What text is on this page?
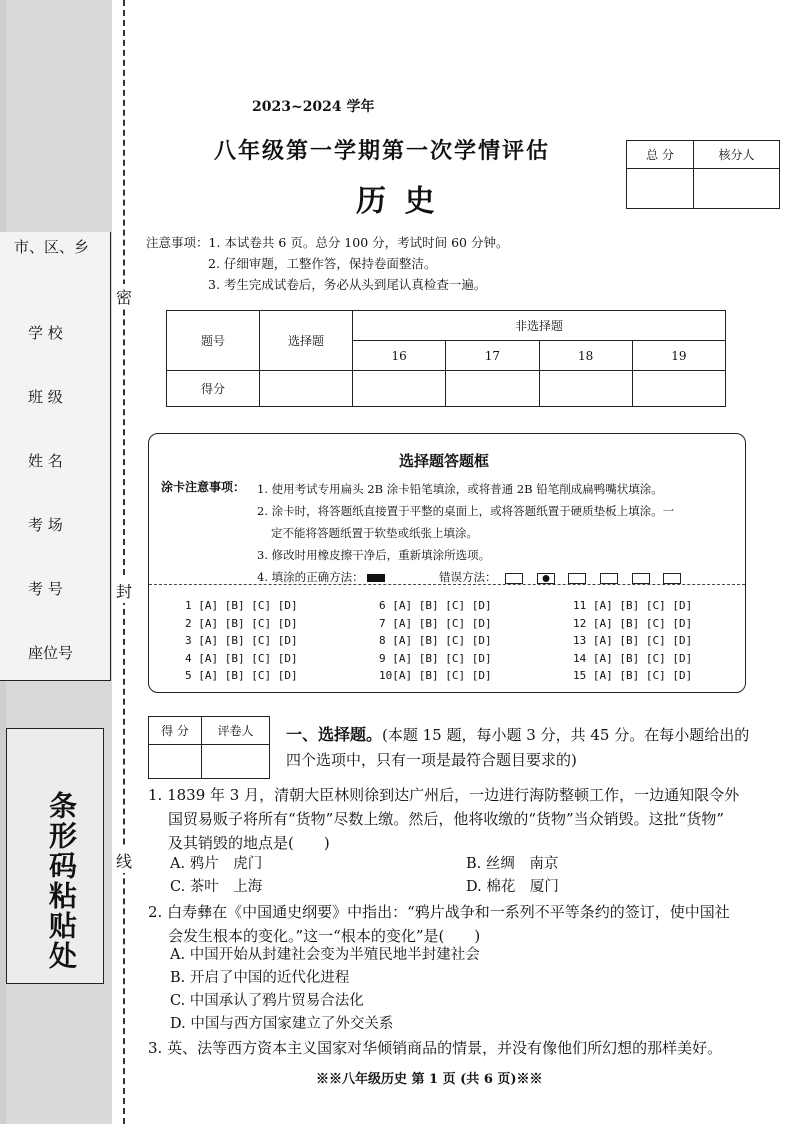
市、区、乡
学 校
班 级
姓 名
考 场
考 号
座位号
密
封
线
条形码粘贴处
2023~2024 学年
八年级第一学期第一次学情评估
历 史
总 分	核分人

注意事项：1. 本试卷共 6 页。总分 100 分，考试时间 60 分钟。
2. 仔细审题，工整作答，保持卷面整洁。
3. 考生完成试卷后，务必从头到尾认真检查一遍。
题号	选择题	非选择题			
		16	17	18	19
得分					
选择题答题框
涂卡注意事项： 1. 使用考试专用扁头 2B 涂卡铅笔填涂，或将普通 2B 铅笔削成扁鸭嘴状填涂。
2. 涂卡时，将答题纸直接置于平整的桌面上，或将答题纸置于硬质垫板上填涂。一
定不能将答题纸置于软垫或纸张上填涂。
3. 修改时用橡皮擦干净后，重新填涂所选项。
4. 填涂的正确方法：	错误方法：
1 [A] [B] [C] [D]
2 [A] [B] [C] [D]
3 [A] [B] [C] [D]
4 [A] [B] [C] [D]
5 [A] [B] [C] [D]
6 [A] [B] [C] [D]
7 [A] [B] [C] [D]
8 [A] [B] [C] [D]
9 [A] [B] [C] [D]
10[A] [B] [C] [D]
11 [A] [B] [C] [D]
12 [A] [B] [C] [D]
13 [A] [B] [C] [D]
14 [A] [B] [C] [D]
15 [A] [B] [C] [D]
得 分	评卷人
	一、选择题。(本题 15 题，每小题 3 分，共 45 分。在每小题给出的
四个选项中，只有一项是最符合题目要求的)
1. 1839 年 3 月，清朝大臣林则徐到达广州后，一边进行海防整顿工作，一边通知限令外
国贸易贩子将所有“货物”尽数上缴。然后，他将收缴的“货物”当众销毁。这批“货物”
及其销毁的地点是(　　)
A. 鸦片　虎门	B. 丝绸　南京
C. 茶叶　上海	D. 棉花　厦门
2. 白寿彝在《中国通史纲要》中指出：“鸦片战争和一系列不平等条约的签订，使中国社
会发生根本的变化。”这一“根本的变化”是(　　)
A. 中国开始从封建社会变为半殖民地半封建社会
B. 开启了中国的近代化进程
C. 中国承认了鸦片贸易合法化
D. 中国与西方国家建立了外交关系
3. 英、法等西方资本主义国家对华倾销商品的情景，并没有像他们所幻想的那样美好。
※※八年级历史 第 1 页 (共 6 页)※※
